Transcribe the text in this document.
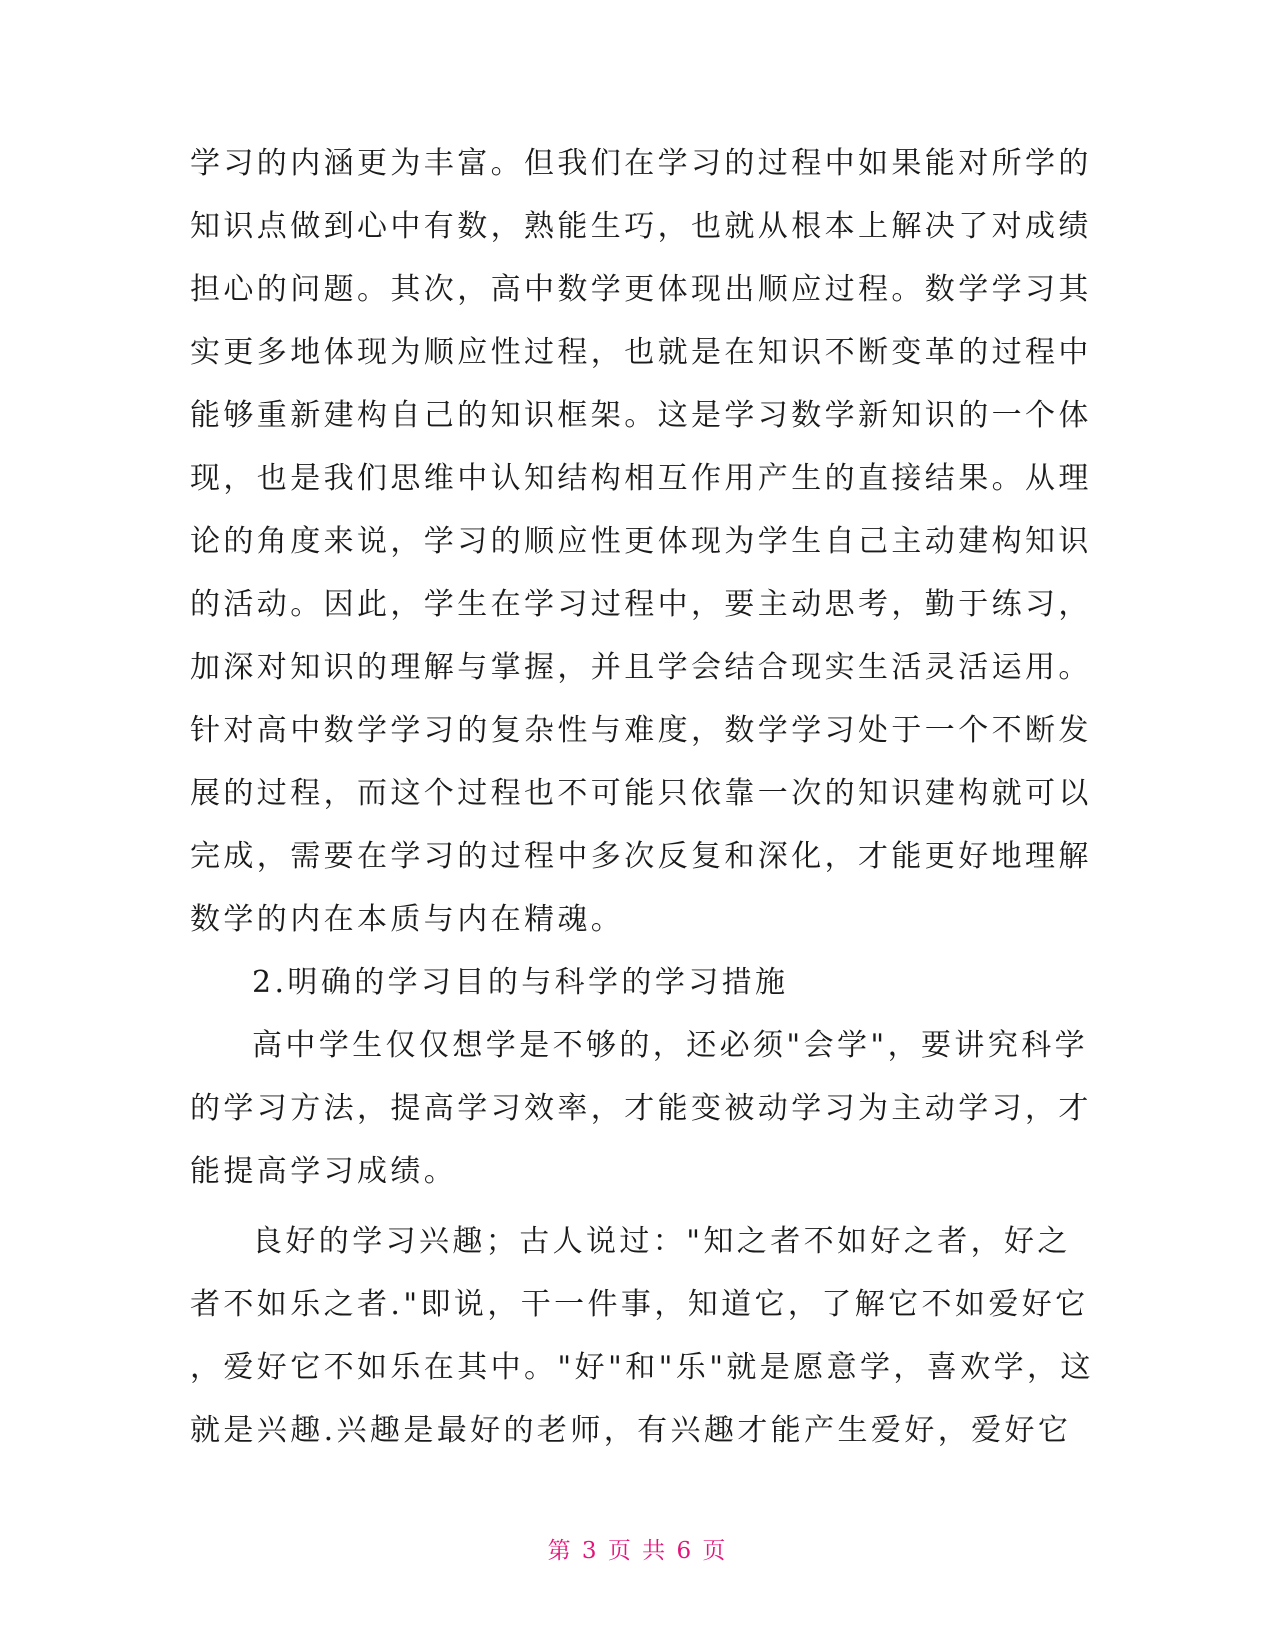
学习的内涵更为丰富。但我们在学习的过程中如果能对所学的
知识点做到心中有数，熟能生巧，也就从根本上解决了对成绩
担心的问题。其次，高中数学更体现出顺应过程。数学学习其
实更多地体现为顺应性过程，也就是在知识不断变革的过程中
能够重新建构自己的知识框架。这是学习数学新知识的一个体
现，也是我们思维中认知结构相互作用产生的直接结果。从理
论的角度来说，学习的顺应性更体现为学生自己主动建构知识
的活动。因此，学生在学习过程中，要主动思考，勤于练习，
加深对知识的理解与掌握，并且学会结合现实生活灵活运用。
针对高中数学学习的复杂性与难度，数学学习处于一个不断发
展的过程，而这个过程也不可能只依靠一次的知识建构就可以
完成，需要在学习的过程中多次反复和深化，才能更好地理解
数学的内在本质与内在精魂。
2.明确的学习目的与科学的学习措施
高中学生仅仅想学是不够的，还必须"会学"，要讲究科学
的学习方法，提高学习效率，才能变被动学习为主动学习，才
能提高学习成绩。
良好的学习兴趣；古人说过："知之者不如好之者，好之
者不如乐之者."即说，干一件事，知道它，了解它不如爱好它
，爱好它不如乐在其中。"好"和"乐"就是愿意学，喜欢学，这
就是兴趣.兴趣是最好的老师，有兴趣才能产生爱好，爱好它
第 3 页 共 6 页
